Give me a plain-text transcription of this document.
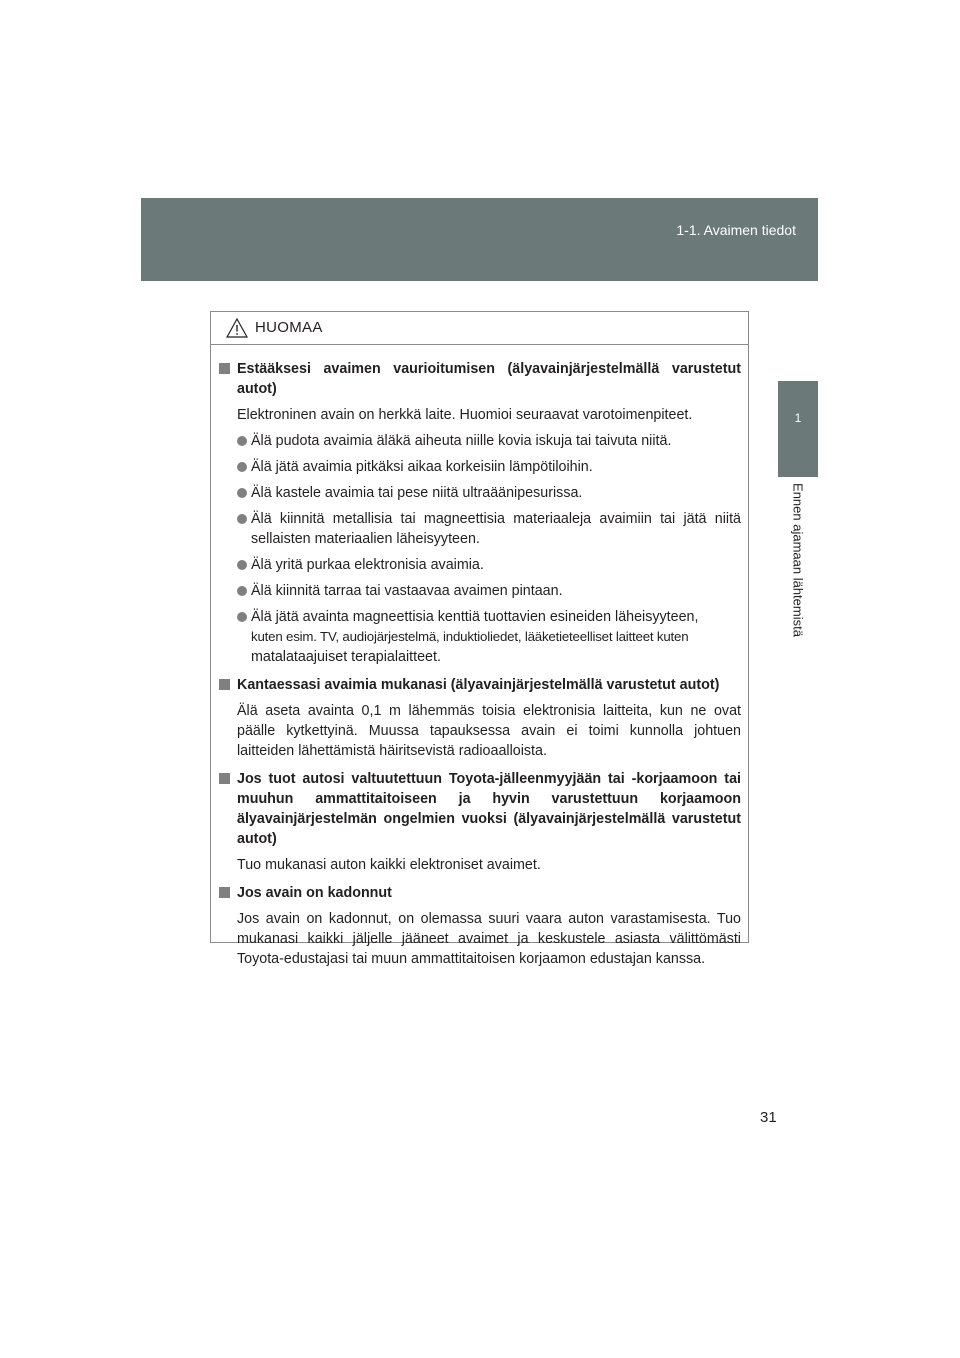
1-1. Avaimen tiedot
1
Ennen ajamaan lähtemistä
HUOMAA
Estääksesi avaimen vaurioitumisen (älyavainjärjestelmällä varustetut autot)
Elektroninen avain on herkkä laite. Huomioi seuraavat varotoimenpiteet.
Älä pudota avaimia äläkä aiheuta niille kovia iskuja tai taivuta niitä.
Älä jätä avaimia pitkäksi aikaa korkeisiin lämpötiloihin.
Älä kastele avaimia tai pese niitä ultraäänipesurissa.
Älä kiinnitä metallisia tai magneettisia materiaaleja avaimiin tai jätä niitä sellaisten materiaalien läheisyyteen.
Älä yritä purkaa elektronisia avaimia.
Älä kiinnitä tarraa tai vastaavaa avaimen pintaan.
Älä jätä avainta magneettisia kenttiä tuottavien esineiden läheisyyteen,
kuten esim. TV, audiojärjestelmä, induktioliedet, lääketieteelliset laitteet kuten
matalataajuiset terapialaitteet.
Kantaessasi avaimia mukanasi (älyavainjärjestelmällä varustetut autot)
Älä aseta avainta 0,1 m lähemmäs toisia elektronisia laitteita, kun ne ovat päälle kytkettyinä. Muussa tapauksessa avain ei toimi kunnolla johtuen laitteiden lähettämistä häiritsevistä radioaalloista.
Jos tuot autosi valtuutettuun Toyota-jälleenmyyjään tai -korjaamoon tai muuhun ammattitaitoiseen ja hyvin varustettuun korjaamoon älyavainjärjestelmän ongelmien vuoksi (älyavainjärjestelmällä varustetut autot)
Tuo mukanasi auton kaikki elektroniset avaimet.
Jos avain on kadonnut
Jos avain on kadonnut, on olemassa suuri vaara auton varastamisesta. Tuo mukanasi kaikki jäljelle jääneet avaimet ja keskustele asiasta välittömästi Toyota-edustajasi tai muun ammattitaitoisen korjaamon edustajan kanssa.
31
